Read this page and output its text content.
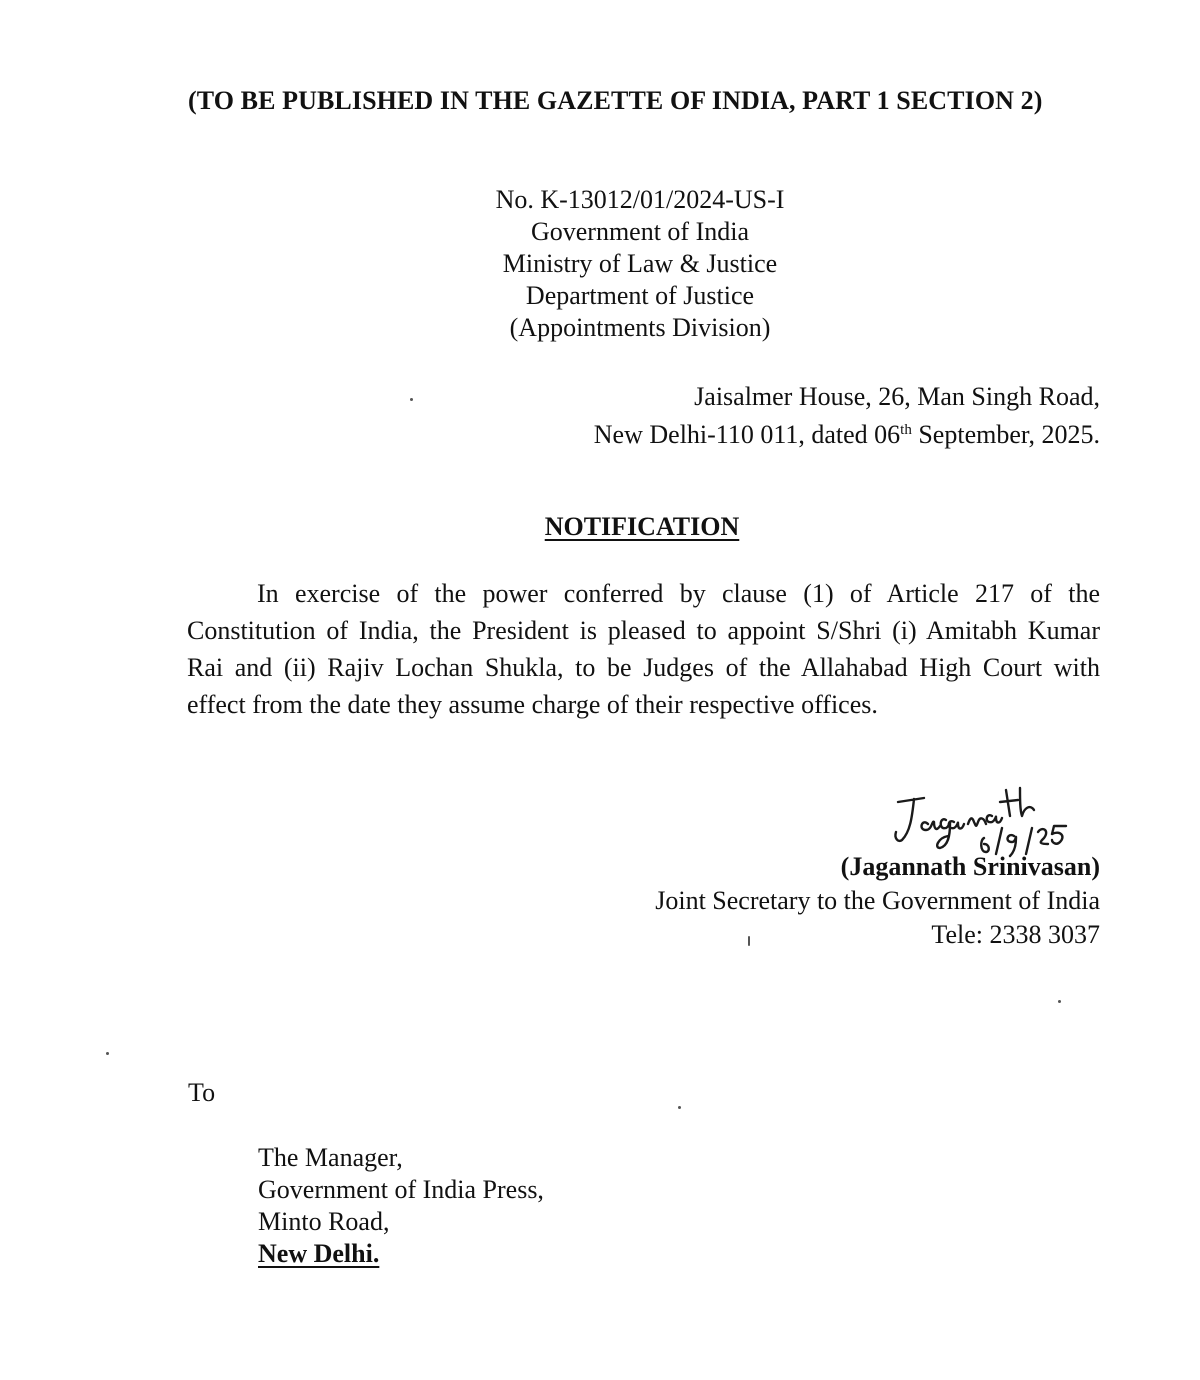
(TO BE PUBLISHED IN THE GAZETTE OF INDIA, PART 1 SECTION 2)
No. K-13012/01/2024-US-I
Government of India
Ministry of Law & Justice
Department of Justice
(Appointments Division)
Jaisalmer House, 26, Man Singh Road,
New Delhi-110 011, dated 06th September, 2025.
NOTIFICATION
In exercise of the power conferred by clause (1) of Article 217 of the
Constitution of India, the President is pleased to appoint S/Shri (i) Amitabh Kumar
Rai and (ii) Rajiv Lochan Shukla, to be Judges of the Allahabad High Court with
effect from the date they assume charge of their respective offices.
(Jagannath Srinivasan)
Joint Secretary to the Government of India
Tele: 2338 3037
To
The Manager,
Government of India Press,
Minto Road,
New Delhi.
